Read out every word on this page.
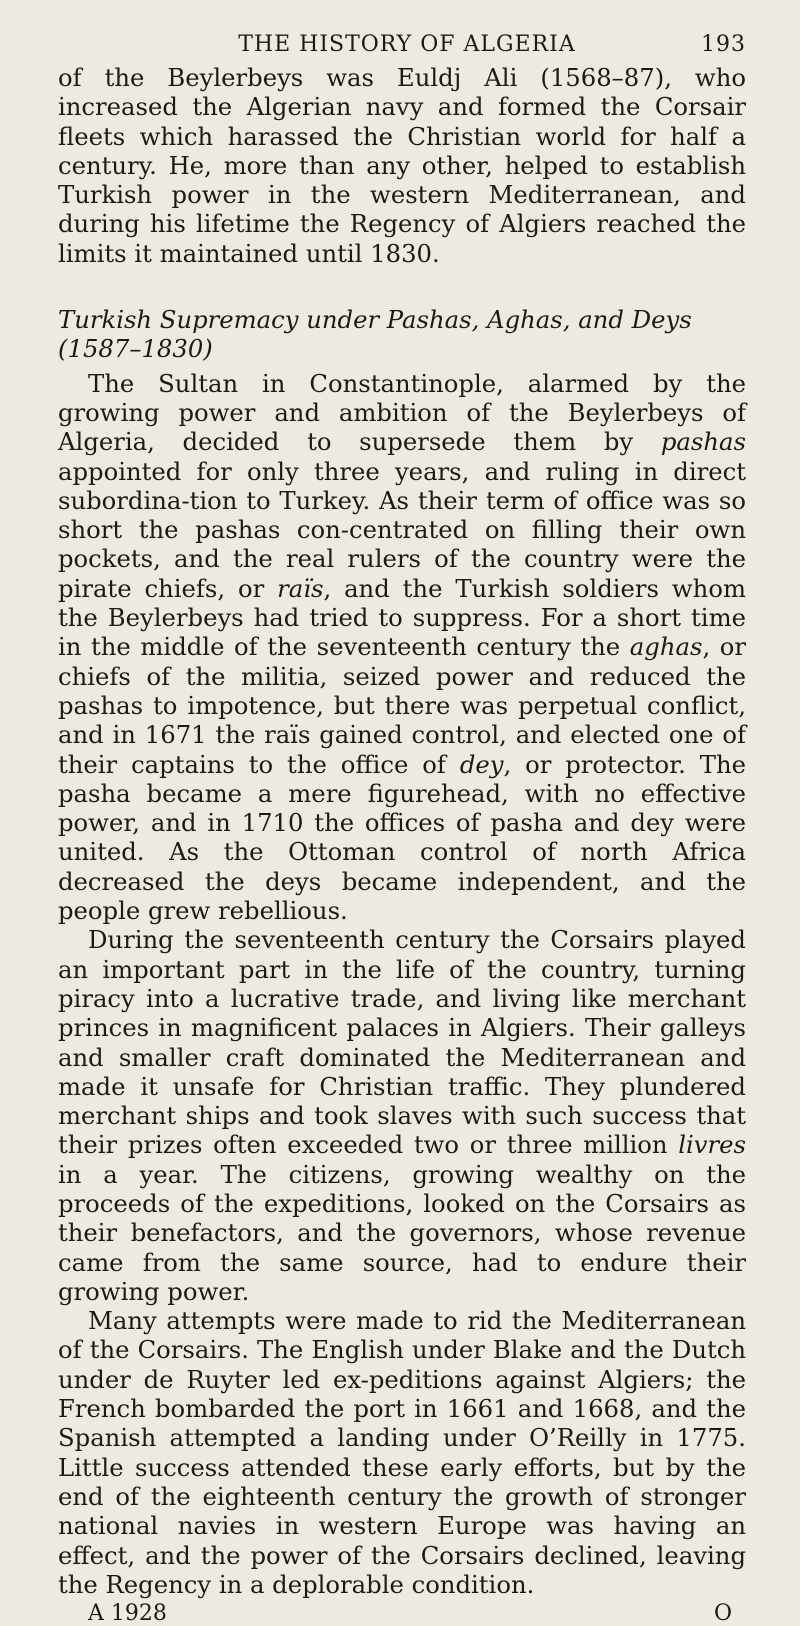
THE HISTORY OF ALGERIA	193

of the Beylerbeys was Euldj Ali (1568–87), who increased the Algerian navy and formed the Corsair fleets which harassed the Christian world for half a century. He, more than any other, helped to establish Turkish power in the western Mediterranean, and during his lifetime the Regency of Algiers reached the limits it maintained until 1830.

Turkish Supremacy under Pashas, Aghas, and Deys (1587–1830)

The Sultan in Constantinople, alarmed by the growing power and ambition of the Beylerbeys of Algeria, decided to supersede them by pashas appointed for only three years, and ruling in direct subordina-tion to Turkey. As their term of office was so short the pashas con-centrated on filling their own pockets, and the real rulers of the country were the pirate chiefs, or raïs, and the Turkish soldiers whom the Beylerbeys had tried to suppress. For a short time in the middle of the seventeenth century the aghas, or chiefs of the militia, seized power and reduced the pashas to impotence, but there was perpetual conflict, and in 1671 the raïs gained control, and elected one of their captains to the office of dey, or protector. The pasha became a mere figurehead, with no effective power, and in 1710 the offices of pasha and dey were united. As the Ottoman control of north Africa decreased the deys became independent, and the people grew rebellious.

During the seventeenth century the Corsairs played an important part in the life of the country, turning piracy into a lucrative trade, and living like merchant princes in magnificent palaces in Algiers. Their galleys and smaller craft dominated the Mediterranean and made it unsafe for Christian traffic. They plundered merchant ships and took slaves with such success that their prizes often exceeded two or three million livres in a year. The citizens, growing wealthy on the proceeds of the expeditions, looked on the Corsairs as their benefactors, and the governors, whose revenue came from the same source, had to endure their growing power.

Many attempts were made to rid the Mediterranean of the Corsairs. The English under Blake and the Dutch under de Ruyter led ex-peditions against Algiers; the French bombarded the port in 1661 and 1668, and the Spanish attempted a landing under O’Reilly in 1775. Little success attended these early efforts, but by the end of the eighteenth century the growth of stronger national navies in western Europe was having an effect, and the power of the Corsairs declined, leaving the Regency in a deplorable condition.

A 1928	O
